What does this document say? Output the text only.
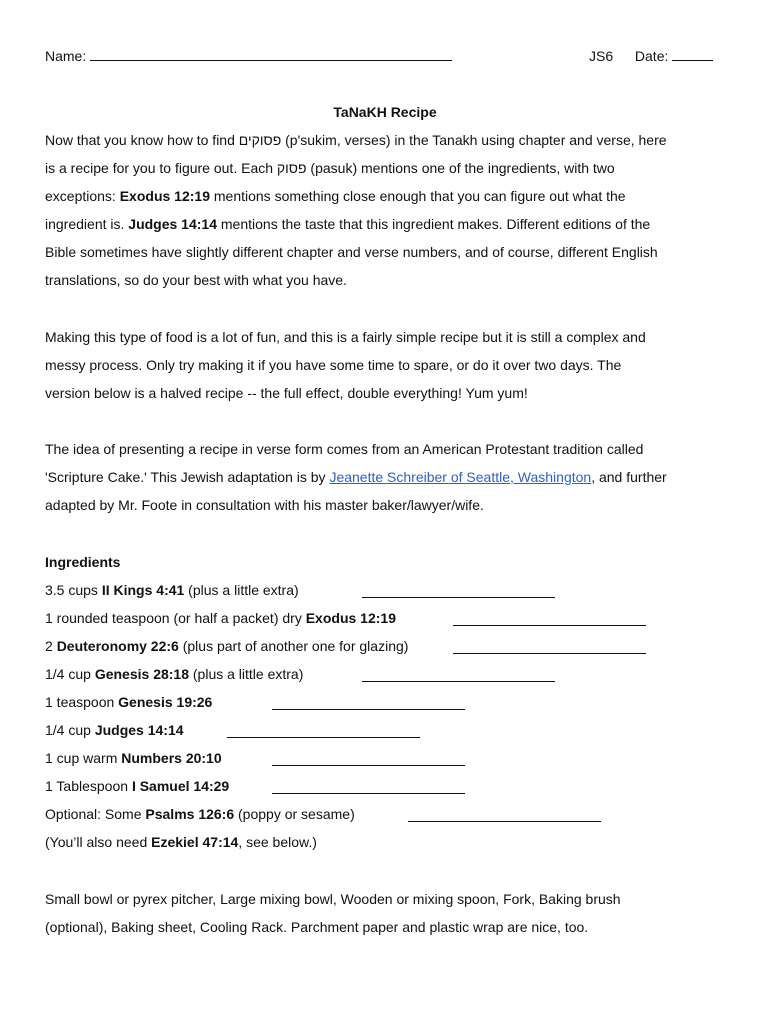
Name:	JS6 Date:
TaNaKH Recipe
Now that you know how to find פסוקים (p'sukim, verses) in the Tanakh using chapter and verse, here
is a recipe for you to figure out. Each פסוק (pasuk) mentions one of the ingredients, with two
exceptions: Exodus 12:19 mentions something close enough that you can figure out what the
ingredient is. Judges 14:14 mentions the taste that this ingredient makes. Different editions of the
Bible sometimes have slightly different chapter and verse numbers, and of course, different English
translations, so do your best with what you have.
Making this type of food is a lot of fun, and this is a fairly simple recipe but it is still a complex and
messy process. Only try making it if you have some time to spare, or do it over two days. The
version below is a halved recipe -- the full effect, double everything! Yum yum!
The idea of presenting a recipe in verse form comes from an American Protestant tradition called
'Scripture Cake.' This Jewish adaptation is by Jeanette Schreiber of Seattle, Washington, and further
adapted by Mr. Foote in consultation with his master baker/lawyer/wife.
Ingredients
3.5 cups II Kings 4:41 (plus a little extra)
1 rounded teaspoon (or half a packet) dry Exodus 12:19
2 Deuteronomy 22:6 (plus part of another one for glazing)
1/4 cup Genesis 28:18 (plus a little extra)
1 teaspoon Genesis 19:26
1/4 cup Judges 14:14
1 cup warm Numbers 20:10
1 Tablespoon I Samuel 14:29
Optional: Some Psalms 126:6 (poppy or sesame)
(You’ll also need Ezekiel 47:14, see below.)
Small bowl or pyrex pitcher, Large mixing bowl, Wooden or mixing spoon, Fork, Baking brush
(optional), Baking sheet, Cooling Rack. Parchment paper and plastic wrap are nice, too.
